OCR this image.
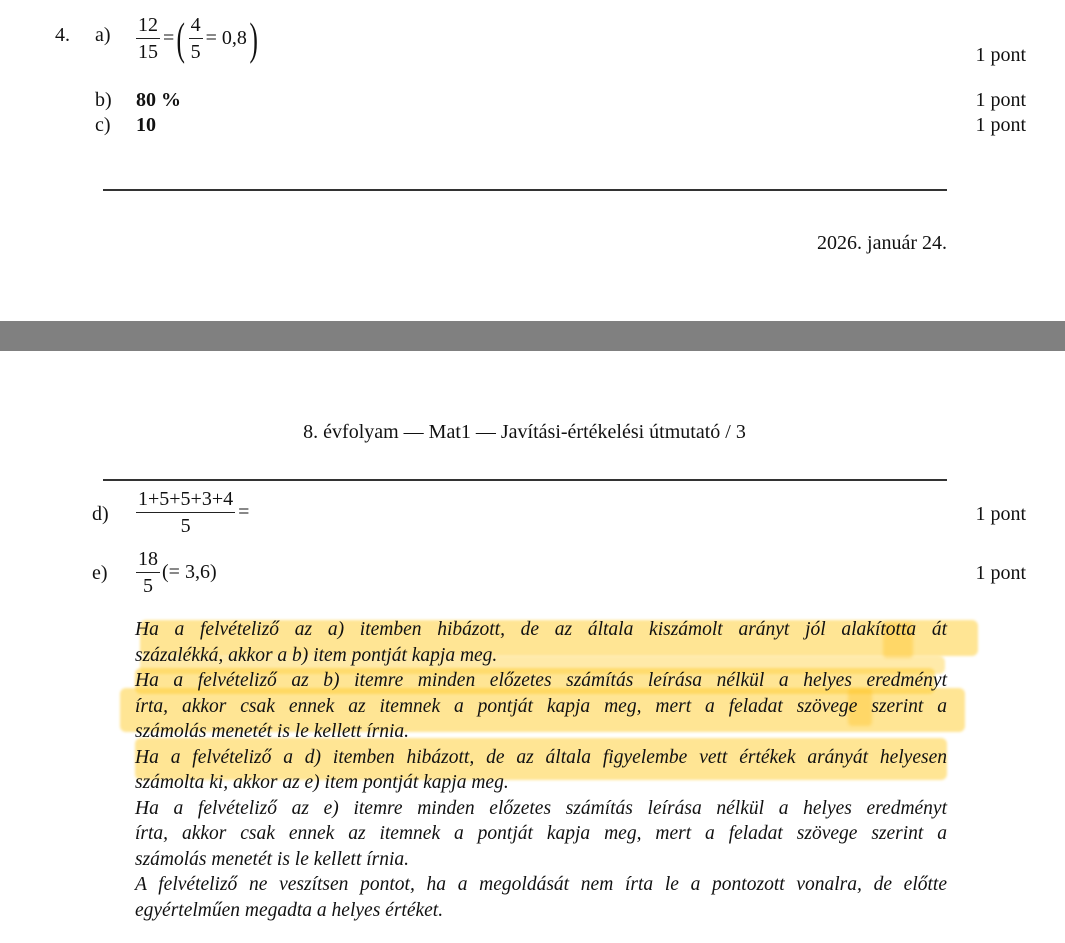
4. $a) \frac{12}{15}$ = ( $\frac{4}{5} = 0,8$ )	1 pont
b) 80 %	1 pont
c) 10	1 pont
2026. január 24.
8. évfolyam — Mat1 — Javítási-értékelési útmutató / 3
$d) \frac{1+5+5+3+4}{5}$ =	1 pont
$e) \frac{18}{5}$ (= 3,6)	1 pont
Ha a felvételiző az a) itemben hibázott, de az általa kiszámolt arányt jól alakította át
százalékká, akkor a b) item pontját kapja meg.
Ha a felvételiző az b) itemre minden előzetes számítás leírása nélkül a helyes eredményt
írta, akkor csak ennek az itemnek a pontját kapja meg, mert a feladat szövege szerint a
számolás menetét is le kellett írnia.
Ha a felvételiző a d) itemben hibázott, de az általa figyelembe vett értékek arányát helyesen
számolta ki, akkor az e) item pontját kapja meg.
Ha a felvételiző az e) itemre minden előzetes számítás leírása nélkül a helyes eredményt
írta, akkor csak ennek az itemnek a pontját kapja meg, mert a feladat szövege szerint a
számolás menetét is le kellett írnia.
A felvételiző ne veszítsen pontot, ha a megoldását nem írta le a pontozott vonalra, de előtte
egyértelműen megadta a helyes értéket.
